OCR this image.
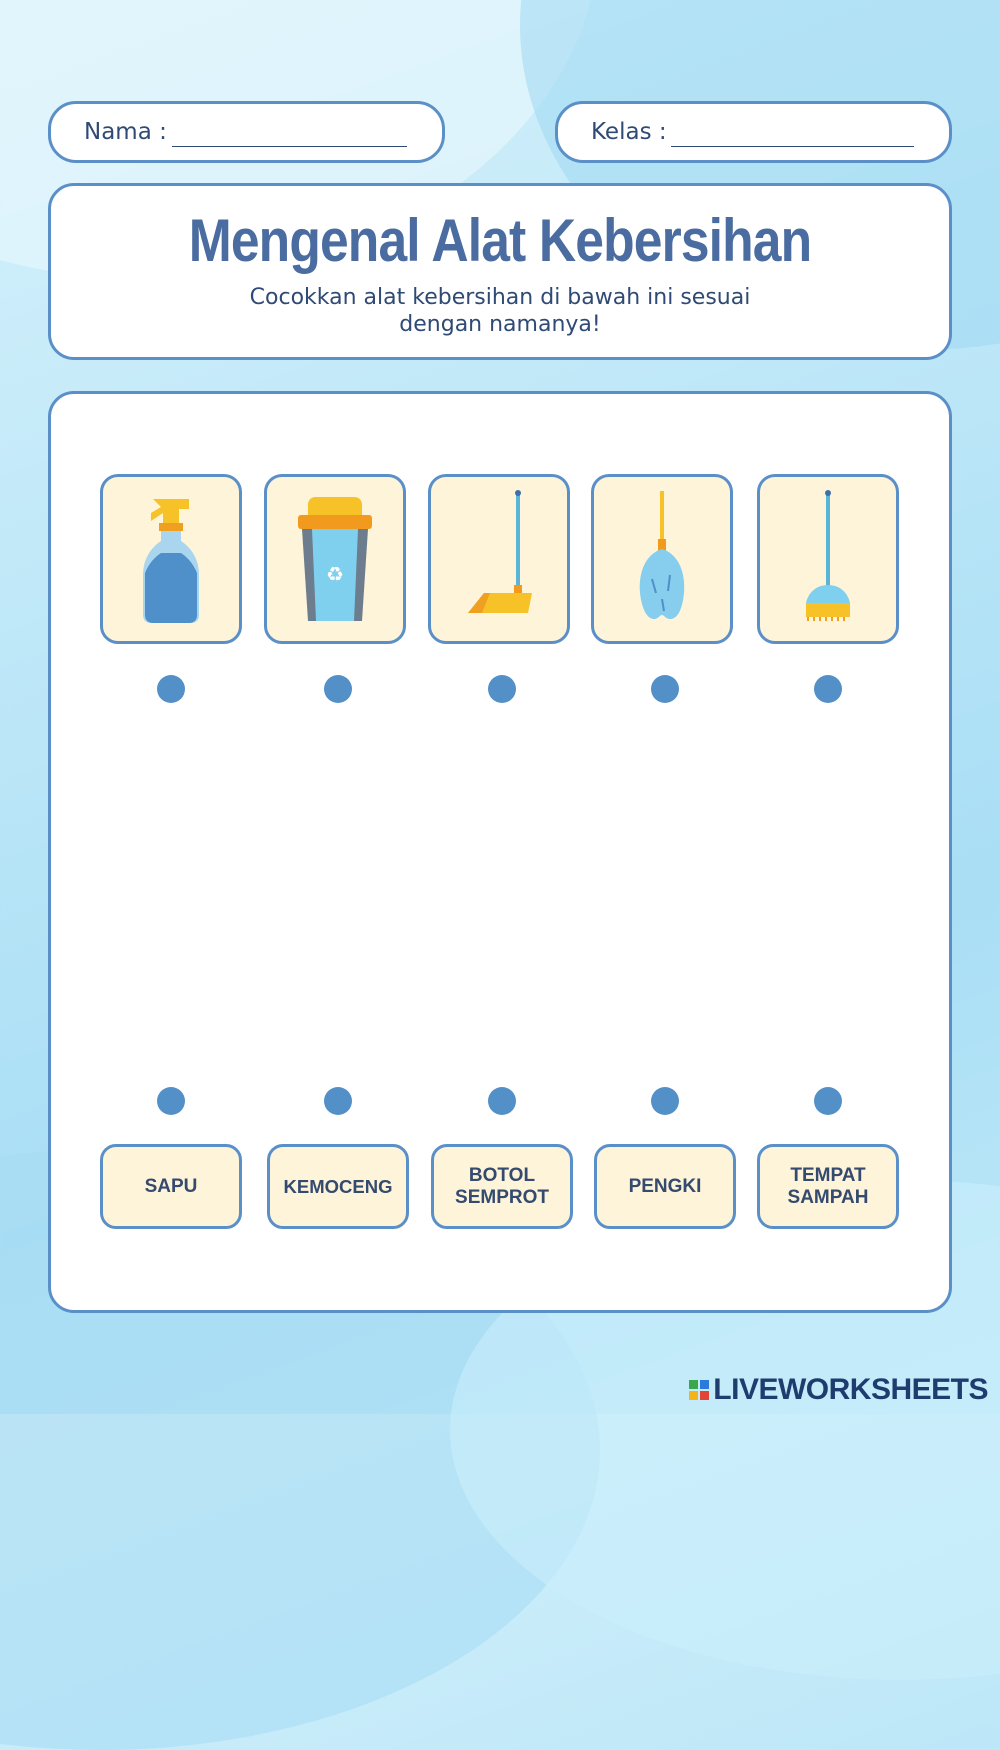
Nama :	Kelas :
Mengenal Alat Kebersihan
Cocokkan alat kebersihan di bawah ini sesuai
dengan namanya!
♻
SAPU	KEMOCENG
BOTOL
SEMPROT
PENGKI
TEMPAT
SAMPAH
LIVEWORKSHEETS
